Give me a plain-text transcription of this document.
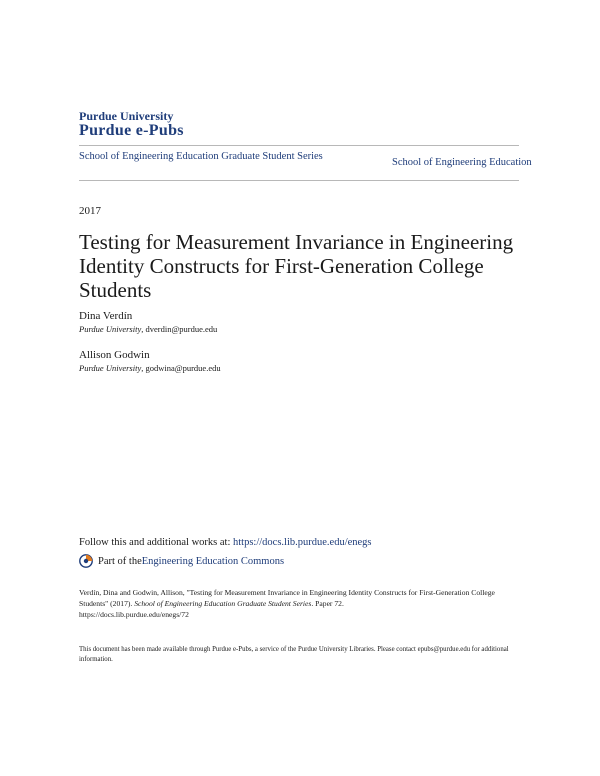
Purdue University
Purdue e-Pubs
School of Engineering Education Graduate Student Series
School of Engineering Education
2017
Testing for Measurement Invariance in Engineering Identity Constructs for First-Generation College Students
Dina Verdín
Purdue University, dverdin@purdue.edu
Allison Godwin
Purdue University, godwina@purdue.edu
Follow this and additional works at: https://docs.lib.purdue.edu/enegs
Part of the Engineering Education Commons
Verdín, Dina and Godwin, Allison, "Testing for Measurement Invariance in Engineering Identity Constructs for First-Generation College Students" (2017). School of Engineering Education Graduate Student Series. Paper 72.
https://docs.lib.purdue.edu/enegs/72
This document has been made available through Purdue e-Pubs, a service of the Purdue University Libraries. Please contact epubs@purdue.edu for additional information.
